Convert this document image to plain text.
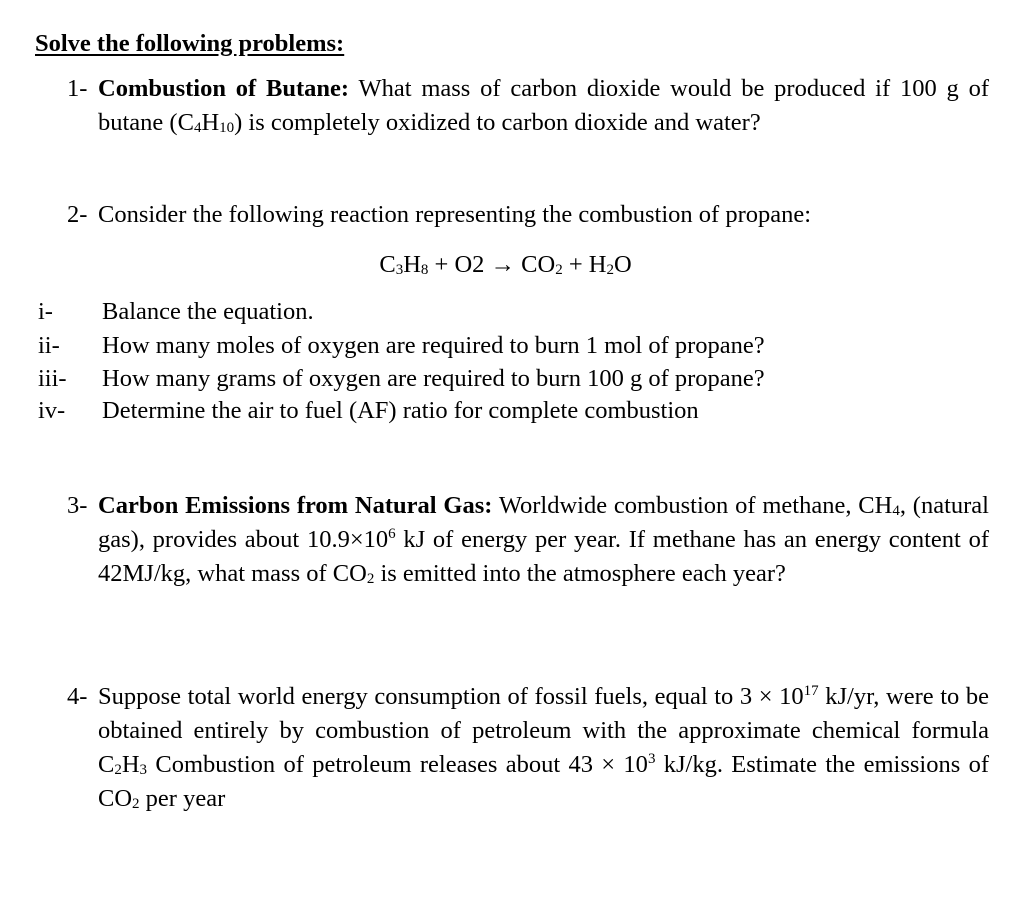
Solve the following problems:
1- Combustion of Butane: What mass of carbon dioxide would be produced if 100 g of butane (C4H10) is completely oxidized to carbon dioxide and water?
2- Consider the following reaction representing the combustion of propane:
C3H8 + O2 → CO2 + H2O
i- Balance the equation.
ii- How many moles of oxygen are required to burn 1 mol of propane?
iii- How many grams of oxygen are required to burn 100 g of propane?
iv- Determine the air to fuel (AF) ratio for complete combustion
3- Carbon Emissions from Natural Gas: Worldwide combustion of methane, CH4, (natural gas), provides about $10.9\times 10^6$ kJ of energy per year. If methane has an energy content of 42MJ/kg, what mass of CO2 is emitted into the atmosphere each year?
4- Suppose total world energy consumption of fossil fuels, equal to $3 \times 10^{17}$ kJ/yr, were to be obtained entirely by combustion of petroleum with the approximate chemical formula C2H3 Combustion of petroleum releases about $43 \times 10^3$ kJ/kg. Estimate the emissions of CO2 per year
